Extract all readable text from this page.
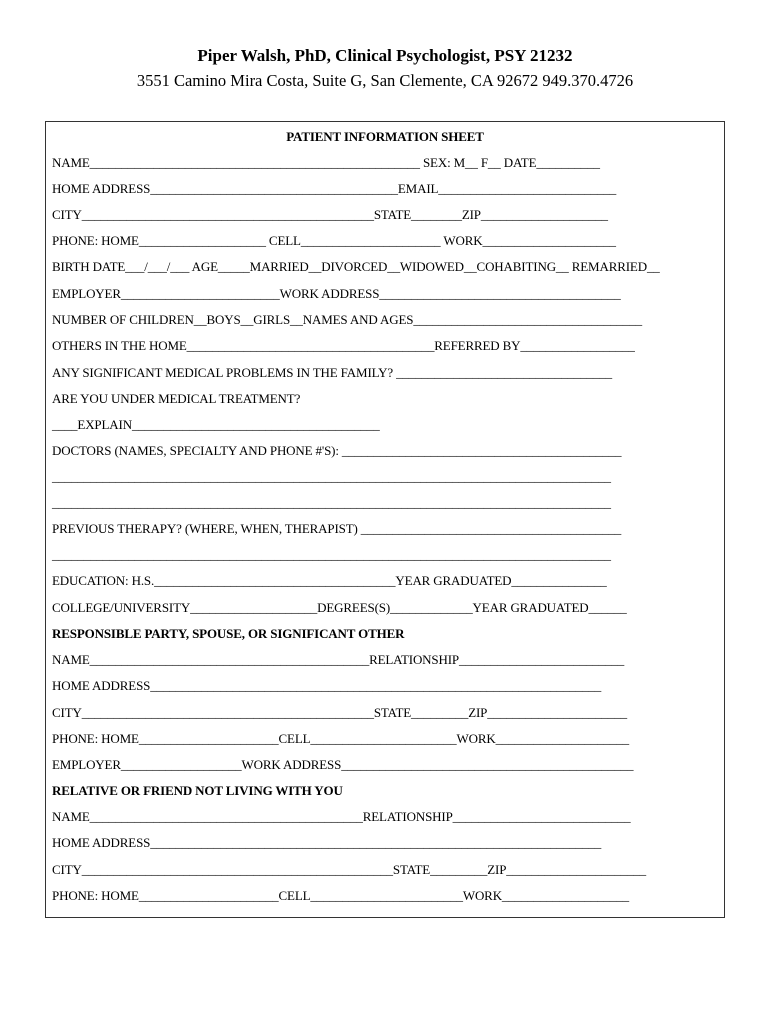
Piper Walsh, PhD, Clinical Psychologist, PSY 21232
3551 Camino Mira Costa, Suite G, San Clemente, CA 92672 949.370.4726
PATIENT INFORMATION SHEET
NAME____________________________________________________ SEX: M__ F__ DATE__________
HOME ADDRESS_______________________________________EMAIL____________________________
CITY______________________________________________STATE________ZIP____________________
PHONE: HOME____________________ CELL______________________ WORK_____________________
BIRTH DATE___/___/___ AGE_____MARRIED__DIVORCED__WIDOWED__COHABITING__ REMARRIED__
EMPLOYER_________________________WORK ADDRESS______________________________________
NUMBER OF CHILDREN__BOYS__GIRLS__NAMES AND AGES____________________________________
OTHERS IN THE HOME_______________________________________REFERRED BY__________________
ANY SIGNIFICANT MEDICAL PROBLEMS IN THE FAMILY? __________________________________
ARE YOU UNDER MEDICAL TREATMENT?
____EXPLAIN_______________________________________
DOCTORS (NAMES, SPECIALTY AND PHONE #'S): ____________________________________________
________________________________________________________________________________________
________________________________________________________________________________________
PREVIOUS THERAPY? (WHERE, WHEN, THERAPIST) _________________________________________
________________________________________________________________________________________
EDUCATION: H.S.______________________________________YEAR GRADUATED_______________
COLLEGE/UNIVERSITY____________________DEGREES(S)_____________YEAR GRADUATED______
RESPONSIBLE PARTY, SPOUSE, OR SIGNIFICANT OTHER
NAME____________________________________________RELATIONSHIP__________________________
HOME ADDRESS_______________________________________________________________________
CITY______________________________________________STATE_________ZIP______________________
PHONE: HOME______________________CELL_______________________WORK_____________________
EMPLOYER___________________WORK ADDRESS______________________________________________
RELATIVE OR FRIEND NOT LIVING WITH YOU
NAME___________________________________________RELATIONSHIP____________________________
HOME ADDRESS_______________________________________________________________________
CITY_________________________________________________STATE_________ZIP______________________
PHONE: HOME______________________CELL________________________WORK____________________
